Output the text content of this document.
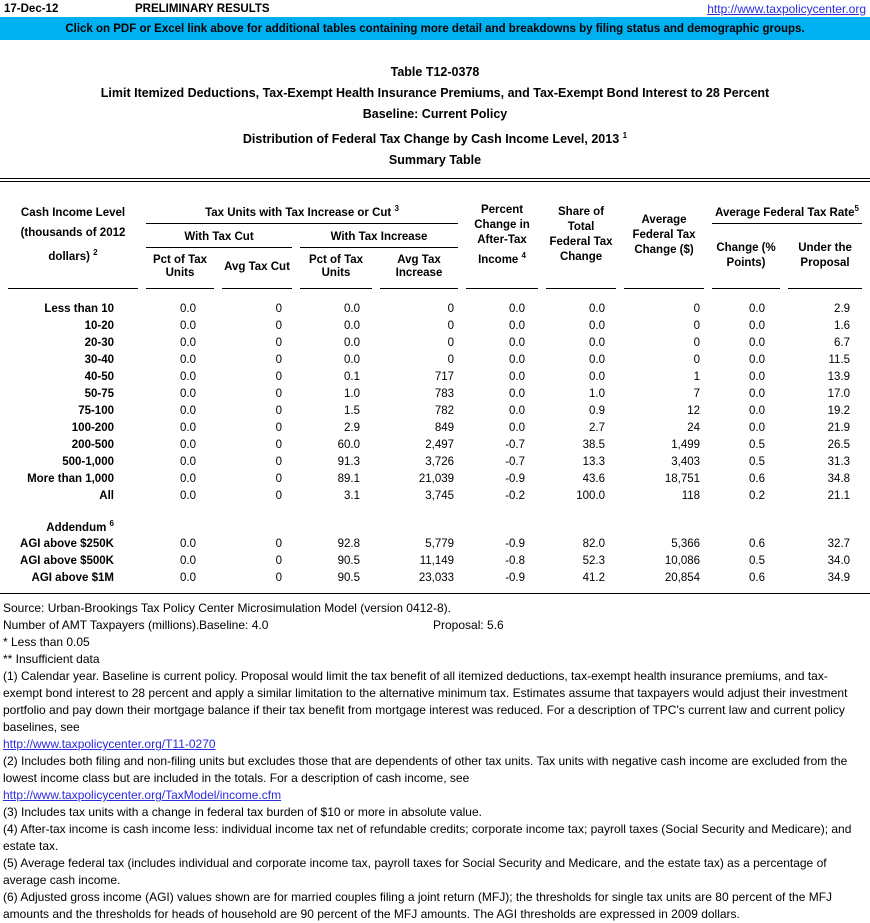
17-Dec-12	PRELIMINARY RESULTS	http://www.taxpolicycenter.org
Click on PDF or Excel link above for additional tables containing more detail and breakdowns by filing status and demographic groups.
Table T12-0378
Limit Itemized Deductions, Tax-Exempt Health Insurance Premiums, and Tax-Exempt Bond Interest to 28 Percent
Baseline: Current Policy
Distribution of Federal Tax Change by Cash Income Level, 2013 $^1$
Summary Table
Cash Income Level
(thousands of 2012
dollars) $^2$	Tax Units with Tax Increase or Cut $^3$				Percent Change in After-Tax Income $^4$	Share of Total Federal Tax Change	Average Federal Tax Change ($)	Average Federal Tax Rate$^5$
	With Tax Cut		With Tax Increase					Change (% Points)	Under the Proposal
	Pct of Tax Units	Avg Tax Cut	Pct of Tax Units	Avg Tax Increase					
Less than 10	0.0	0	0.0	0	0.0	0.0	0	0.0	2.9
10-20	0.0	0	0.0	0	0.0	0.0	0	0.0	1.6
20-30	0.0	0	0.0	0	0.0	0.0	0	0.0	6.7
30-40	0.0	0	0.0	0	0.0	0.0	0	0.0	11.5
40-50	0.0	0	0.1	717	0.0	0.0	1	0.0	13.9
50-75	0.0	0	1.0	783	0.0	1.0	7	0.0	17.0
75-100	0.0	0	1.5	782	0.0	0.9	12	0.0	19.2
100-200	0.0	0	2.9	849	0.0	2.7	24	0.0	21.9
200-500	0.0	0	60.0	2,497	-0.7	38.5	1,499	0.5	26.5
500-1,000	0.0	0	91.3	3,726	-0.7	13.3	3,403	0.5	31.3
More than 1,000	0.0	0	89.1	21,039	-0.9	43.6	18,751	0.6	34.8
All	0.0	0	3.1	3,745	-0.2	100.0	118	0.2	21.1

Addendum $^6$
AGI above $250K	0.0	0	92.8	5,779	-0.9	82.0	5,366	0.6	32.7
AGI above $500K	0.0	0	90.5	11,149	-0.8	52.3	10,086	0.5	34.0
AGI above $1M	0.0	0	90.5	23,033	-0.9	41.2	20,854	0.6	34.9

Source: Urban-Brookings Tax Policy Center Microsimulation Model (version 0412-8).

Number of AMT Taxpayers (millions). Baseline: 4.0	Proposal: 5.6

* Less than 0.05

** Insufficient data

(1) Calendar year. Baseline is current policy. Proposal would limit the tax benefit of all itemized deductions, tax-exempt health insurance premiums, and tax-exempt bond interest to 28 percent and apply a similar limitation to the alternative minimum tax. Estimates assume that taxpayers would adjust their investment portfolio and pay down their mortgage balance if their tax benefit from mortgage interest was reduced. For a description of TPC's current law and current policy baselines, see

http://www.taxpolicycenter.org/T11-0270

(2) Includes both filing and non-filing units but excludes those that are dependents of other tax units. Tax units with negative cash income are excluded from the lowest income class but are included in the totals. For a description of cash income, see

http://www.taxpolicycenter.org/TaxModel/income.cfm

(3) Includes tax units with a change in federal tax burden of $10 or more in absolute value.

(4) After-tax income is cash income less: individual income tax net of refundable credits; corporate income tax; payroll taxes (Social Security and Medicare); and estate tax.

(5) Average federal tax (includes individual and corporate income tax, payroll taxes for Social Security and Medicare, and the estate tax) as a percentage of average cash income.

(6) Adjusted gross income (AGI) values shown are for married couples filing a joint return (MFJ); the thresholds for single tax units are 80 percent of the MFJ amounts and the thresholds for heads of household are 90 percent of the MFJ amounts. The AGI thresholds are expressed in 2009 dollars.
